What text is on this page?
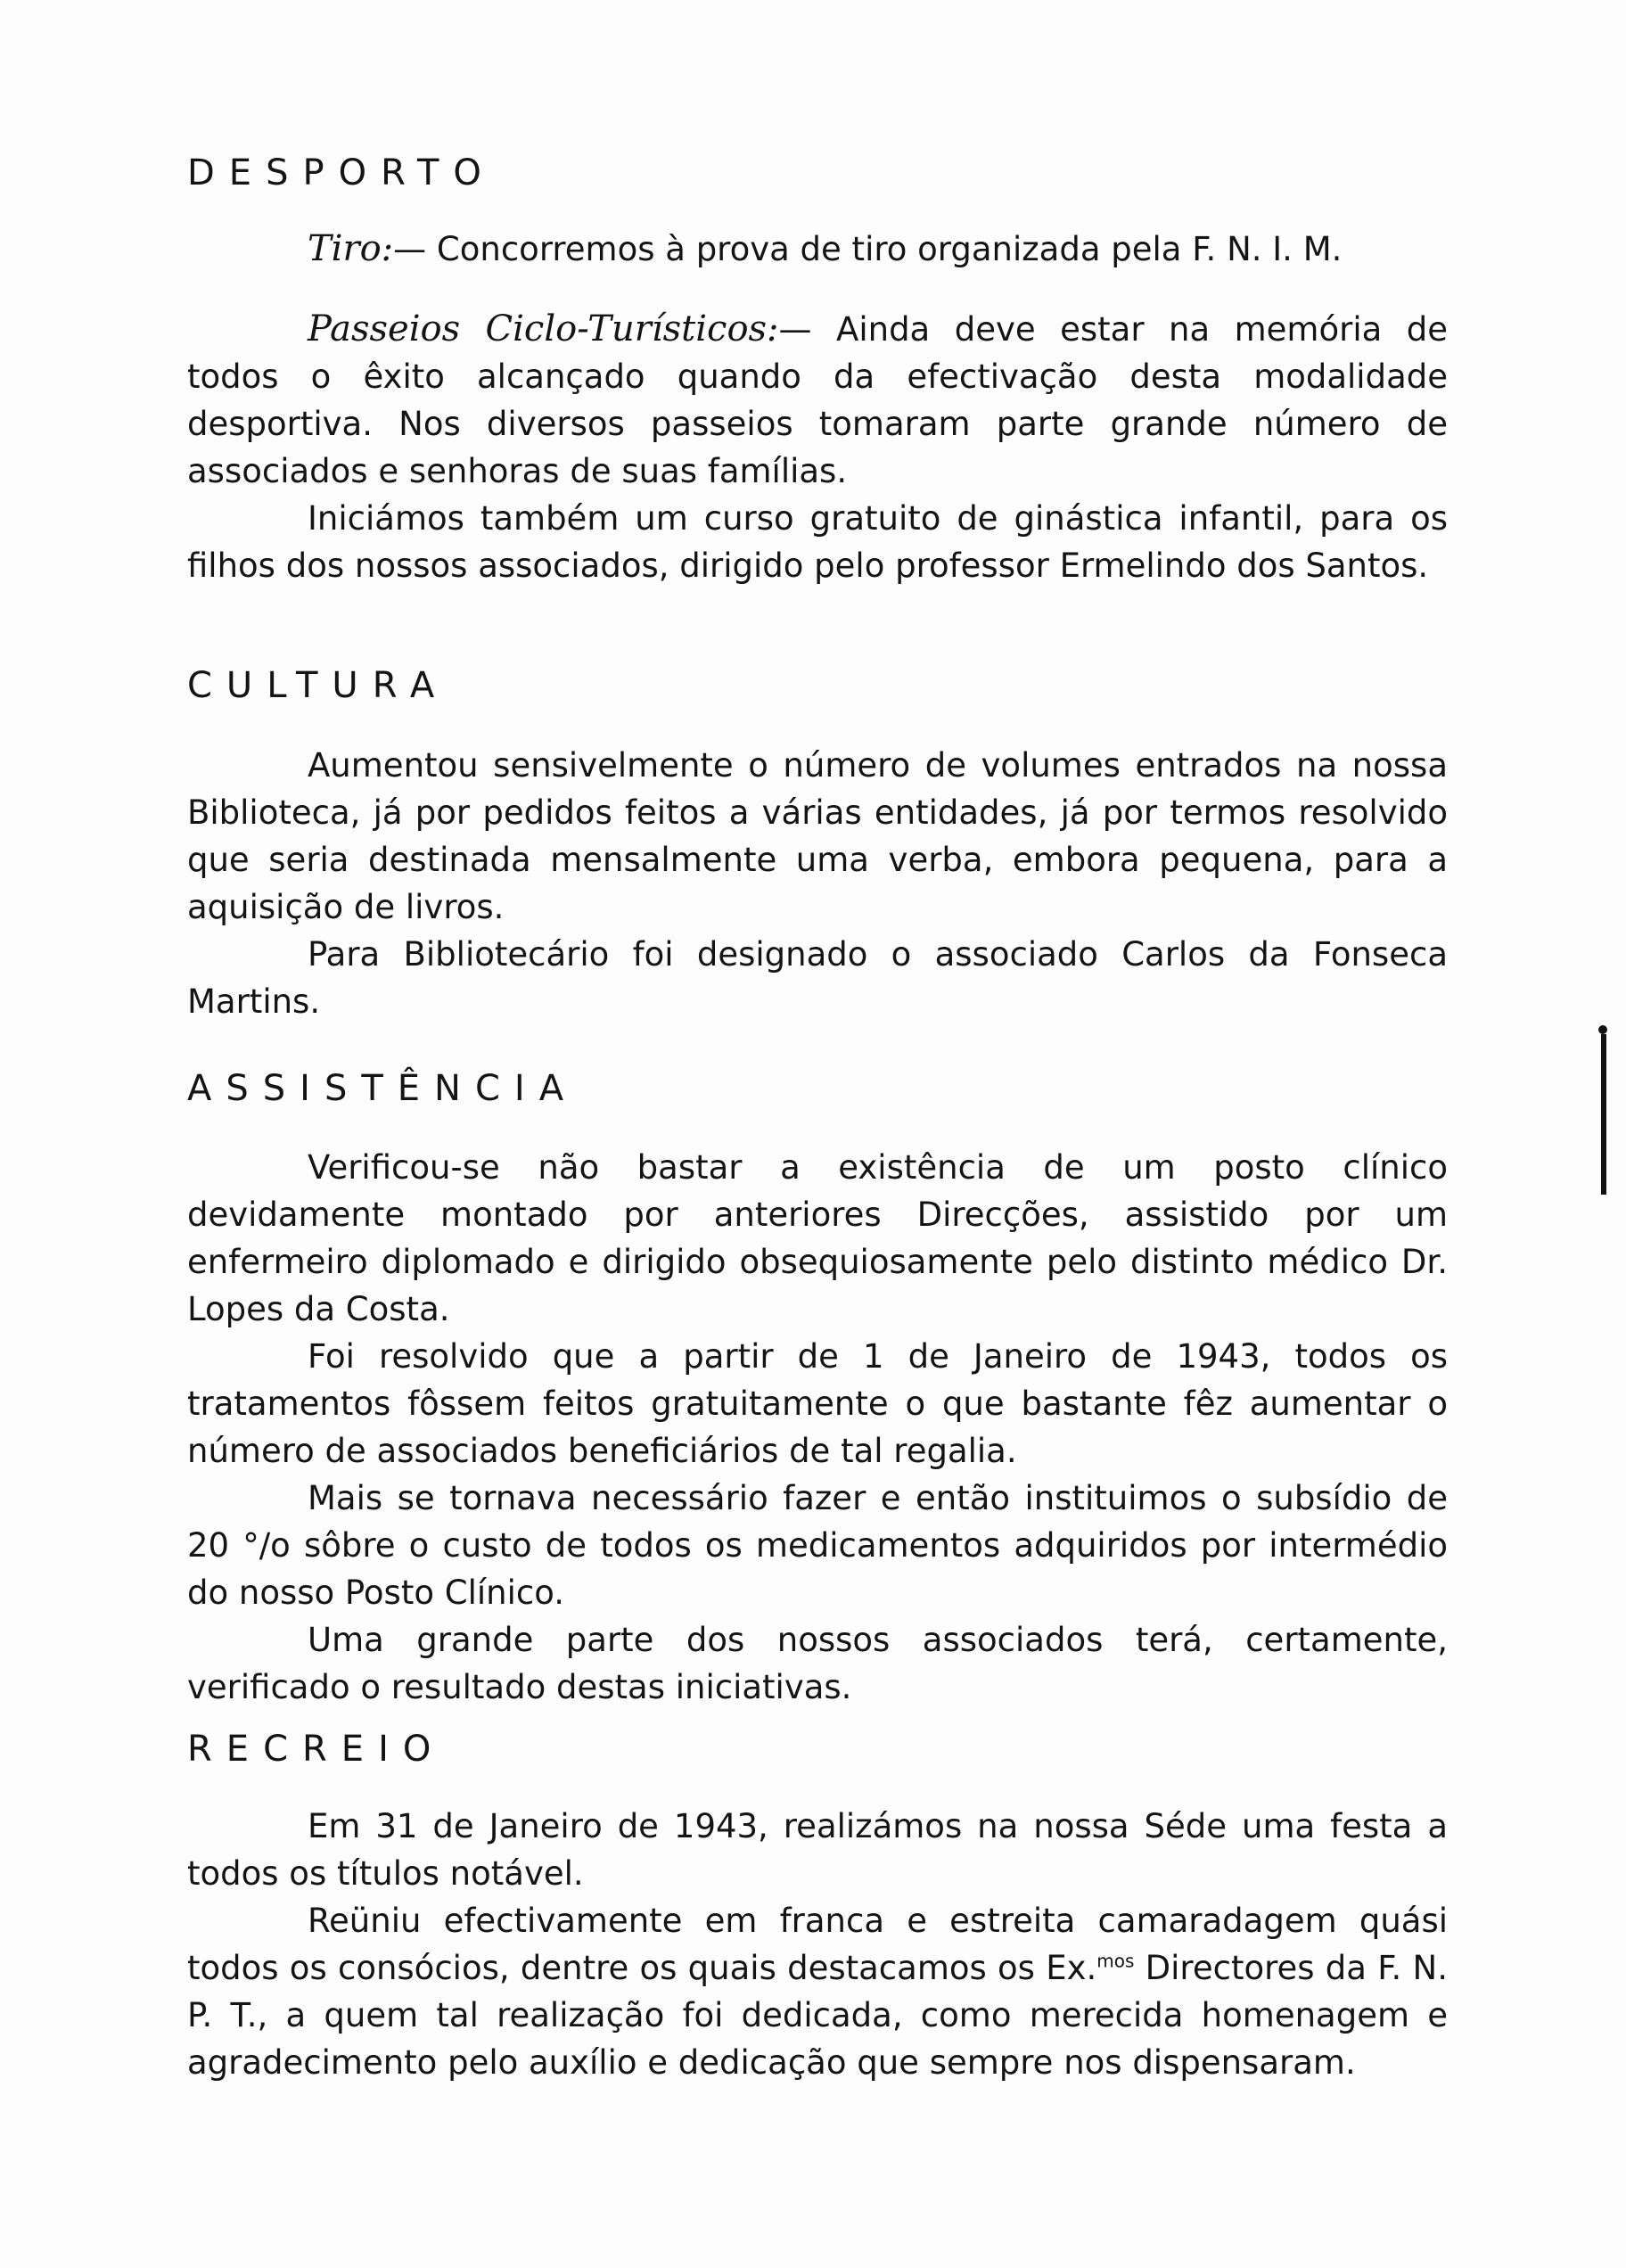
DESPORTO

Tiro:— Concorremos à prova de tiro organizada pela F. N. I. M.

Passeios Ciclo-Turísticos:— Ainda deve estar na memória de todos o êxito alcançado quando da efectivação desta modalidade desportiva. Nos diversos passeios tomaram parte grande número de associados e senhoras de suas famílias.

Iniciámos também um curso gratuito de ginástica infantil, para os filhos dos nossos associados, dirigido pelo professor Ermelindo dos Santos.

CULTURA

Aumentou sensivelmente o número de volumes entrados na nossa Biblioteca, já por pedidos feitos a várias entidades, já por termos resolvido que seria destinada mensalmente uma verba, embora pequena, para a aquisição de livros.

Para Bibliotecário foi designado o associado Carlos da Fonseca Martins.

ASSISTÊNCIA

Verificou-se não bastar a existência de um posto clínico devidamente montado por anteriores Direcções, assistido por um enfermeiro diplomado e dirigido obsequiosamente pelo distinto médico Dr. Lopes da Costa.

Foi resolvido que a partir de 1 de Janeiro de 1943, todos os tratamentos fôssem feitos gratuitamente o que bastante fêz aumentar o número de associados beneficiários de tal regalia.

Mais se tornava necessário fazer e então instituimos o subsídio de 20 °/o sôbre o custo de todos os medicamentos adquiridos por intermédio do nosso Posto Clínico.

Uma grande parte dos nossos associados terá, certamente, verificado o resultado destas iniciativas.

RECREIO

Em 31 de Janeiro de 1943, realizámos na nossa Séde uma festa a todos os títulos notável.

Reüniu efectivamente em franca e estreita camaradagem quási todos os consócios, dentre os quais destacamos os Ex.$^{mos}$ Directores da F. N. P. T., a quem tal realização foi dedicada, como merecida homenagem e agradecimento pelo auxílio e dedicação que sempre nos dispensaram.
